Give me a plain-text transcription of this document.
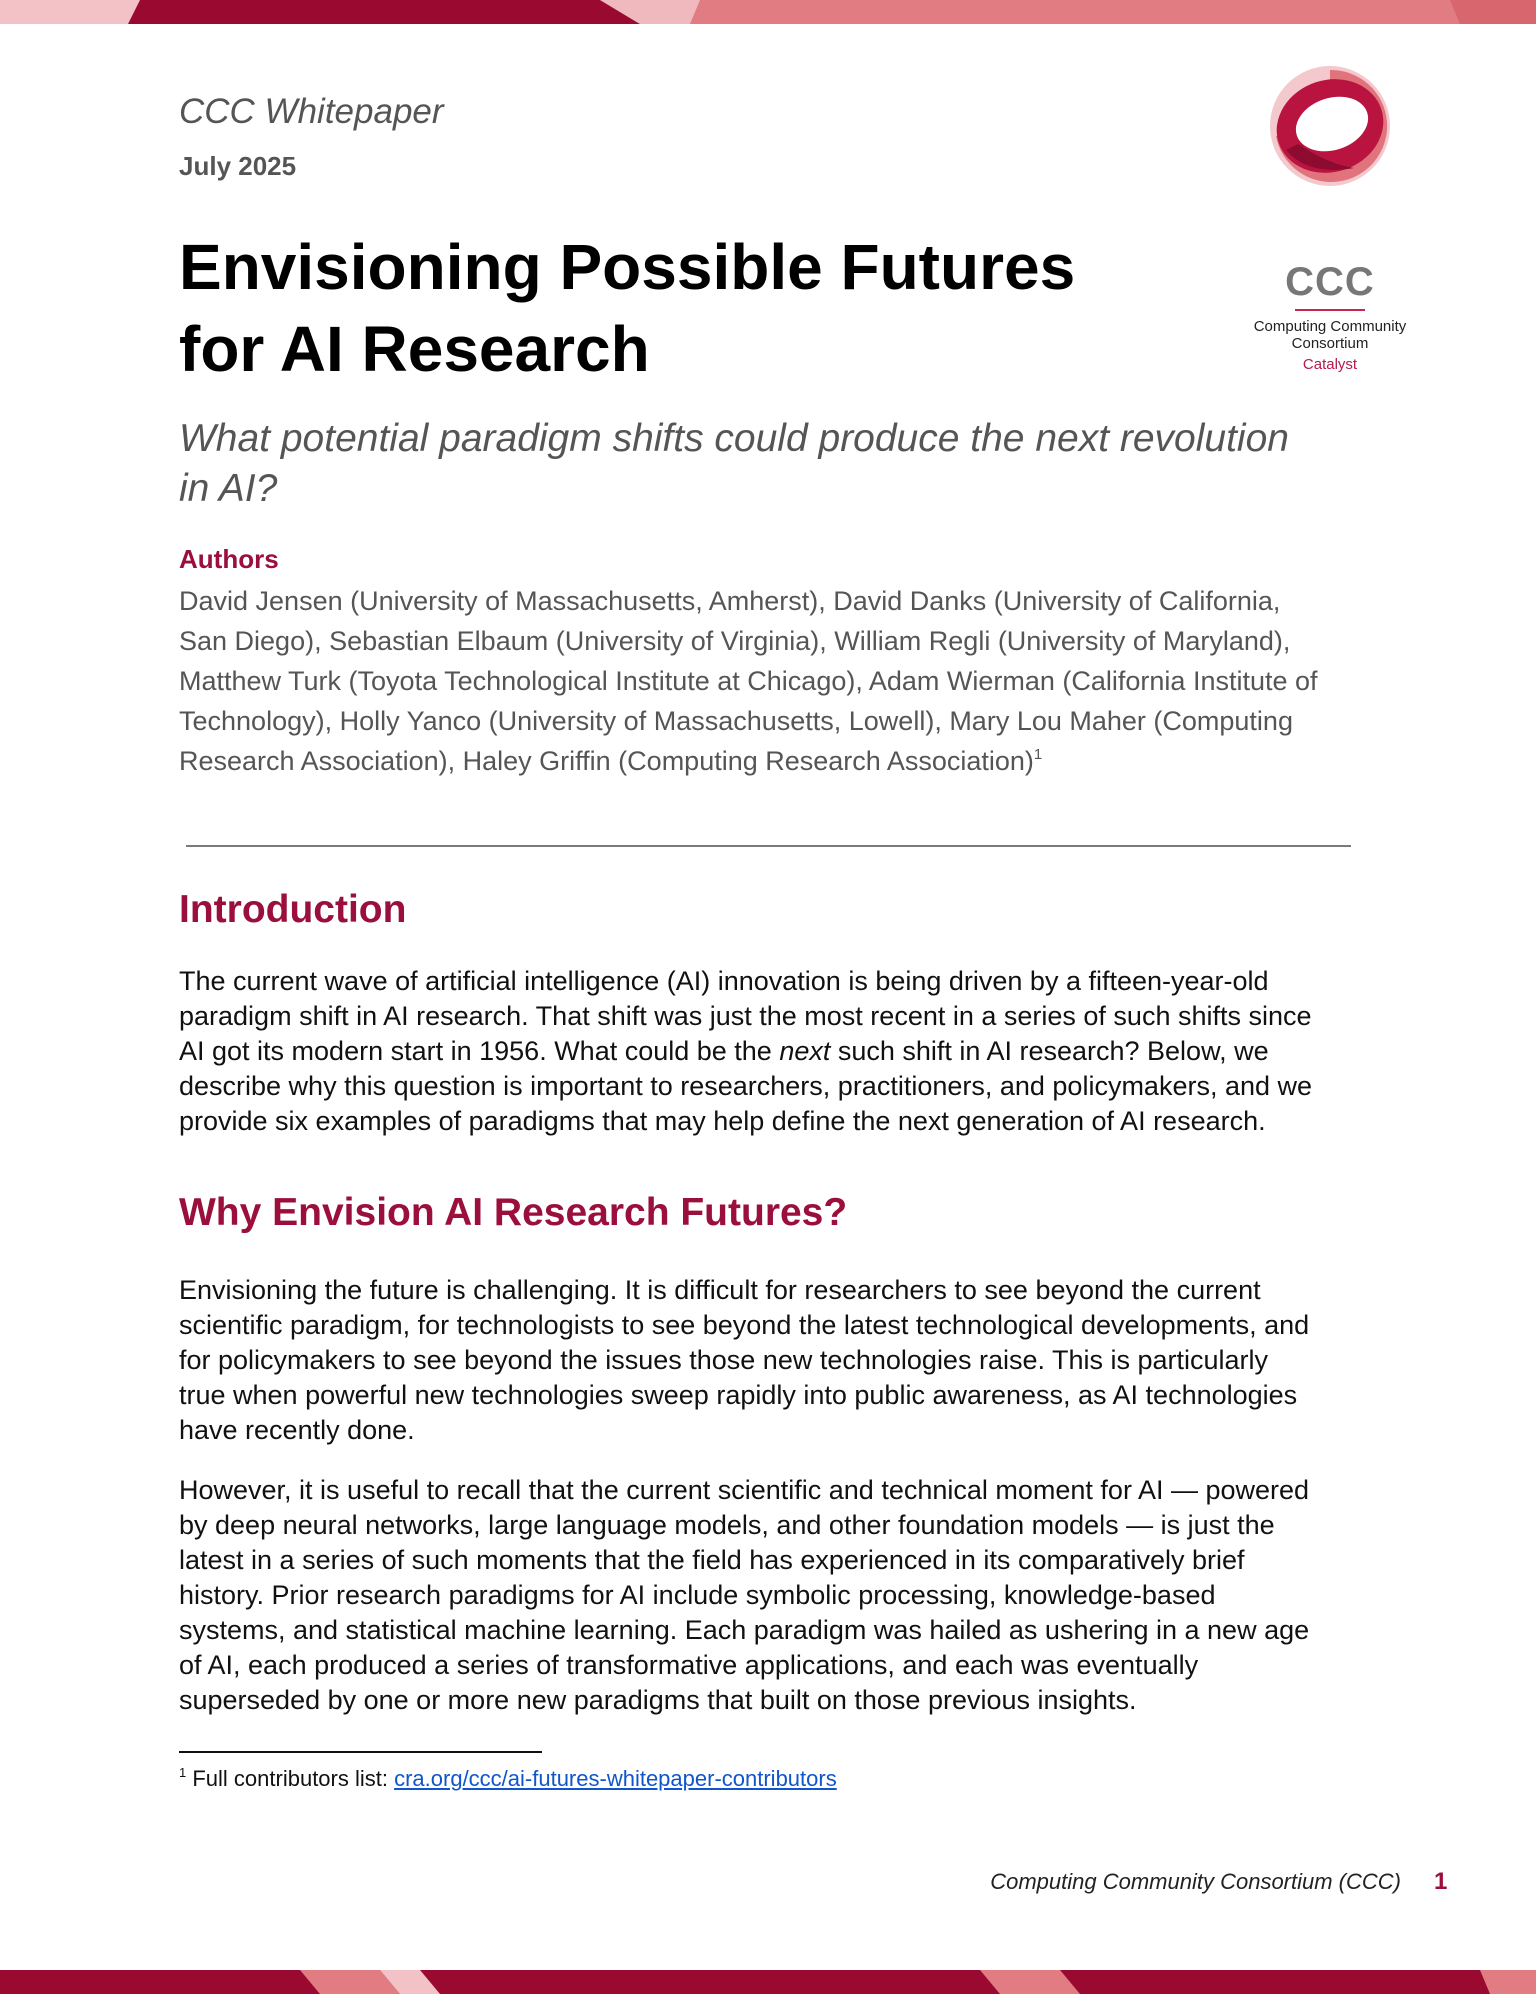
CCC Whitepaper
July 2025
Envisioning Possible Futures
for AI Research
What potential paradigm shifts could produce the next revolution
in AI?
CCC
Computing Community
Consortium
Catalyst
Authors
David Jensen (University of Massachusetts, Amherst), David Danks (University of California,
San Diego), Sebastian Elbaum (University of Virginia), William Regli (University of Maryland),
Matthew Turk (Toyota Technological Institute at Chicago), Adam Wierman (California Institute of
Technology), Holly Yanco (University of Massachusetts, Lowell), Mary Lou Maher (Computing
Research Association), Haley Griffin (Computing Research Association)$^1$
Introduction

The current wave of artificial intelligence (AI) innovation is being driven by a fifteen-year-old
paradigm shift in AI research. That shift was just the most recent in a series of such shifts since
AI got its modern start in 1956. What could be the next such shift in AI research? Below, we
describe why this question is important to researchers, practitioners, and policymakers, and we
provide six examples of paradigms that may help define the next generation of AI research.

Why Envision AI Research Futures?

Envisioning the future is challenging. It is difficult for researchers to see beyond the current
scientific paradigm, for technologists to see beyond the latest technological developments, and
for policymakers to see beyond the issues those new technologies raise. This is particularly
true when powerful new technologies sweep rapidly into public awareness, as AI technologies
have recently done.

However, it is useful to recall that the current scientific and technical moment for AI — powered
by deep neural networks, large language models, and other foundation models — is just the
latest in a series of such moments that the field has experienced in its comparatively brief
history. Prior research paradigms for AI include symbolic processing, knowledge-based
systems, and statistical machine learning. Each paradigm was hailed as ushering in a new age
of AI, each produced a series of transformative applications, and each was eventually
superseded by one or more new paradigms that built on those previous insights.

$^1$ Full contributors list: cra.org/ccc/ai-futures-whitepaper-contributors
Computing Community Consortium (CCC) 1
